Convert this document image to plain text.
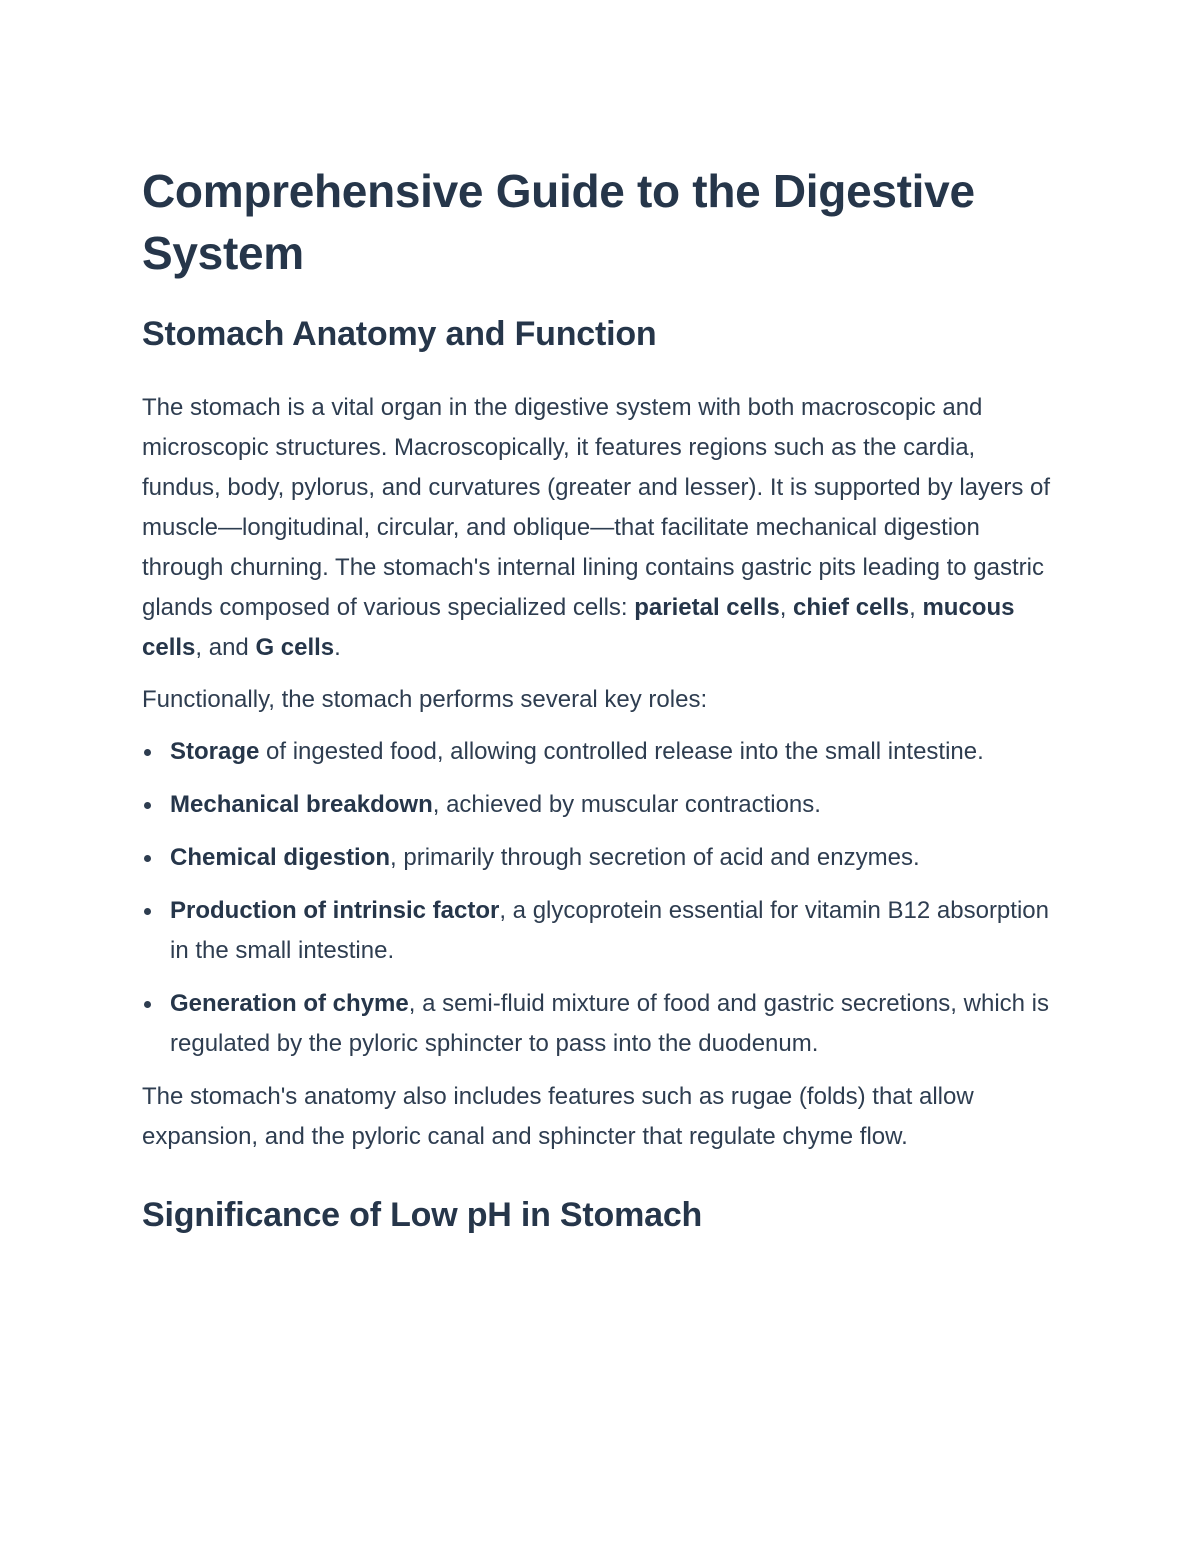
Comprehensive Guide to the Digestive System
Stomach Anatomy and Function

The stomach is a vital organ in the digestive system with both macroscopic and microscopic structures. Macroscopically, it features regions such as the cardia, fundus, body, pylorus, and curvatures (greater and lesser). It is supported by layers of muscle—longitudinal, circular, and oblique—that facilitate mechanical digestion through churning. The stomach's internal lining contains gastric pits leading to gastric glands composed of various specialized cells: parietal cells, chief cells, mucous cells, and G cells.

Functionally, the stomach performs several key roles:

Storage of ingested food, allowing controlled release into the small intestine.
Mechanical breakdown, achieved by muscular contractions.
Chemical digestion, primarily through secretion of acid and enzymes.
Production of intrinsic factor, a glycoprotein essential for vitamin B12 absorption in the small intestine.
Generation of chyme, a semi-fluid mixture of food and gastric secretions, which is regulated by the pyloric sphincter to pass into the duodenum.

The stomach's anatomy also includes features such as rugae (folds) that allow expansion, and the pyloric canal and sphincter that regulate chyme flow.

Significance of Low pH in Stomach
